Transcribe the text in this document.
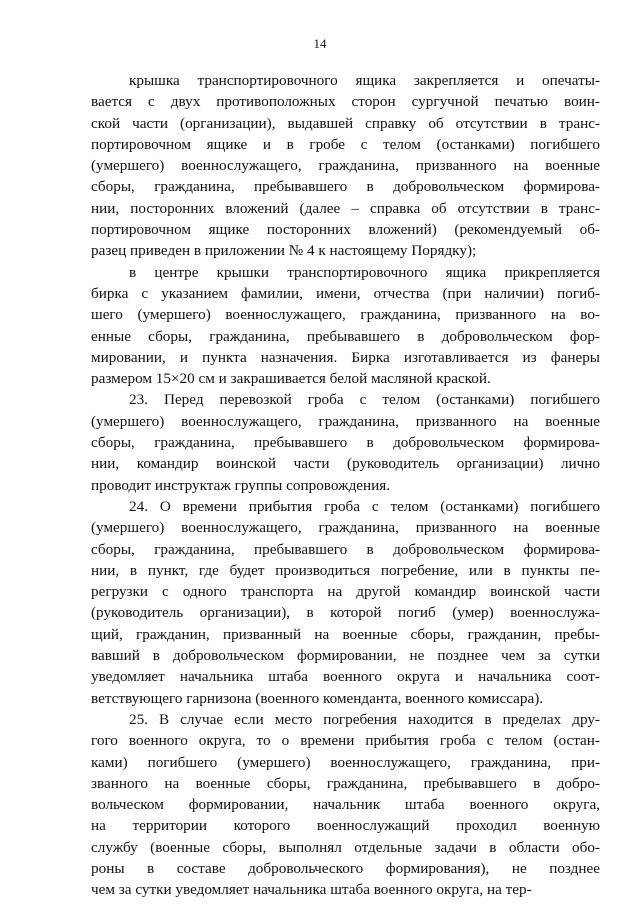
14
крышка транспортировочного ящика закрепляется и опечаты-
вается с двух противоположных сторон сургучной печатью воин-
ской части (организации), выдавшей справку об отсутствии в транс-
портировочном ящике и в гробе с телом (останками) погибшего
(умершего) военнослужащего, гражданина, призванного на военные
сборы, гражданина, пребывавшего в добровольческом формирова-
нии, посторонних вложений (далее – справка об отсутствии в транс-
портировочном ящике посторонних вложений) (рекомендуемый об-
разец приведен в приложении № 4 к настоящему Порядку);
в центре крышки транспортировочного ящика прикрепляется
бирка с указанием фамилии, имени, отчества (при наличии) погиб-
шего (умершего) военнослужащего, гражданина, призванного на во-
енные сборы, гражданина, пребывавшего в добровольческом фор-
мировании, и пункта назначения. Бирка изготавливается из фанеры
размером 15×20 см и закрашивается белой масляной краской.
23. Перед перевозкой гроба с телом (останками) погибшего
(умершего) военнослужащего, гражданина, призванного на военные
сборы, гражданина, пребывавшего в добровольческом формирова-
нии, командир воинской части (руководитель организации) лично
проводит инструктаж группы сопровождения.
24. О времени прибытия гроба с телом (останками) погибшего
(умершего) военнослужащего, гражданина, призванного на военные
сборы, гражданина, пребывавшего в добровольческом формирова-
нии, в пункт, где будет производиться погребение, или в пункты пе-
регрузки с одного транспорта на другой командир воинской части
(руководитель организации), в которой погиб (умер) военнослужа-
щий, гражданин, призванный на военные сборы, гражданин, пребы-
вавший в добровольческом формировании, не позднее чем за сутки
уведомляет начальника штаба военного округа и начальника соот-
ветствующего гарнизона (военного коменданта, военного комиссара).
25. В случае если место погребения находится в пределах дру-
гого военного округа, то о времени прибытия гроба с телом (остан-
ками) погибшего (умершего) военнослужащего, гражданина, при-
званного на военные сборы, гражданина, пребывавшего в добро-
вольческом формировании, начальник штаба военного округа,
на территории которого военнослужащий проходил военную
службу (военные сборы, выполнял отдельные задачи в области обо-
роны в составе добровольческого формирования), не позднее
чем за сутки уведомляет начальника штаба военного округа, на тер-
